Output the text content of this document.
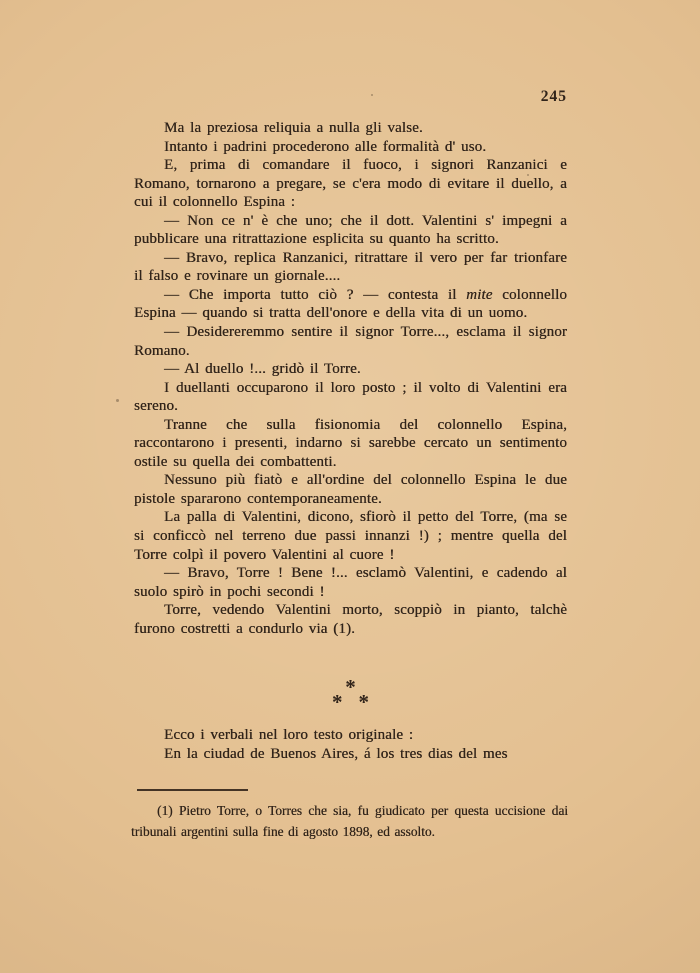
245

Ma la preziosa reliquia a nulla gli valse.

Intanto i padrini procederono alle formalità d' uso.

E, prima di comandare il fuoco, i signori Ranzanici e Romano, tornarono a pregare, se c'era modo di evitare il duello, a cui il colonnello Espina :

— Non ce n' è che uno; che il dott. Valentini s' impegni a pubblicare una ritrattazione esplicita su quanto ha scritto.

— Bravo, replica Ranzanici, ritrattare il vero per far trionfare il falso e rovinare un giornale....

— Che importa tutto ciò ? — contesta il mite colonnello Espina — quando si tratta dell'onore e della vita di un uomo.

— Desidereremmo sentire il signor Torre..., esclama il signor Romano.

— Al duello !... gridò il Torre.

I duellanti occuparono il loro posto ; il volto di Valentini era sereno.

Tranne che sulla fisionomia del colonnello Espina, raccontarono i presenti, indarno si sarebbe cercato un sentimento ostile su quella dei combattenti.

Nessuno più fiatò e all'ordine del colonnello Espina le due pistole spararono contemporaneamente.

La palla di Valentini, dicono, sfiorò il petto del Torre, (ma se si conficcò nel terreno due passi innanzi !) ; mentre quella del Torre colpì il povero Valentini al cuore !

— Bravo, Torre ! Bene !... esclamò Valentini, e cadendo al suolo spirò in pochi secondi !

Torre, vedendo Valentini morto, scoppiò in pianto, talchè furono costretti a condurlo via (1).

*
* *

Ecco i verbali nel loro testo originale :

En la ciudad de Buenos Aires, á los tres dias del mes

(1) Pietro Torre, o Torres che sia, fu giudicato per questa uccisione dai tribunali argentini sulla fine di agosto 1898, ed assolto.
